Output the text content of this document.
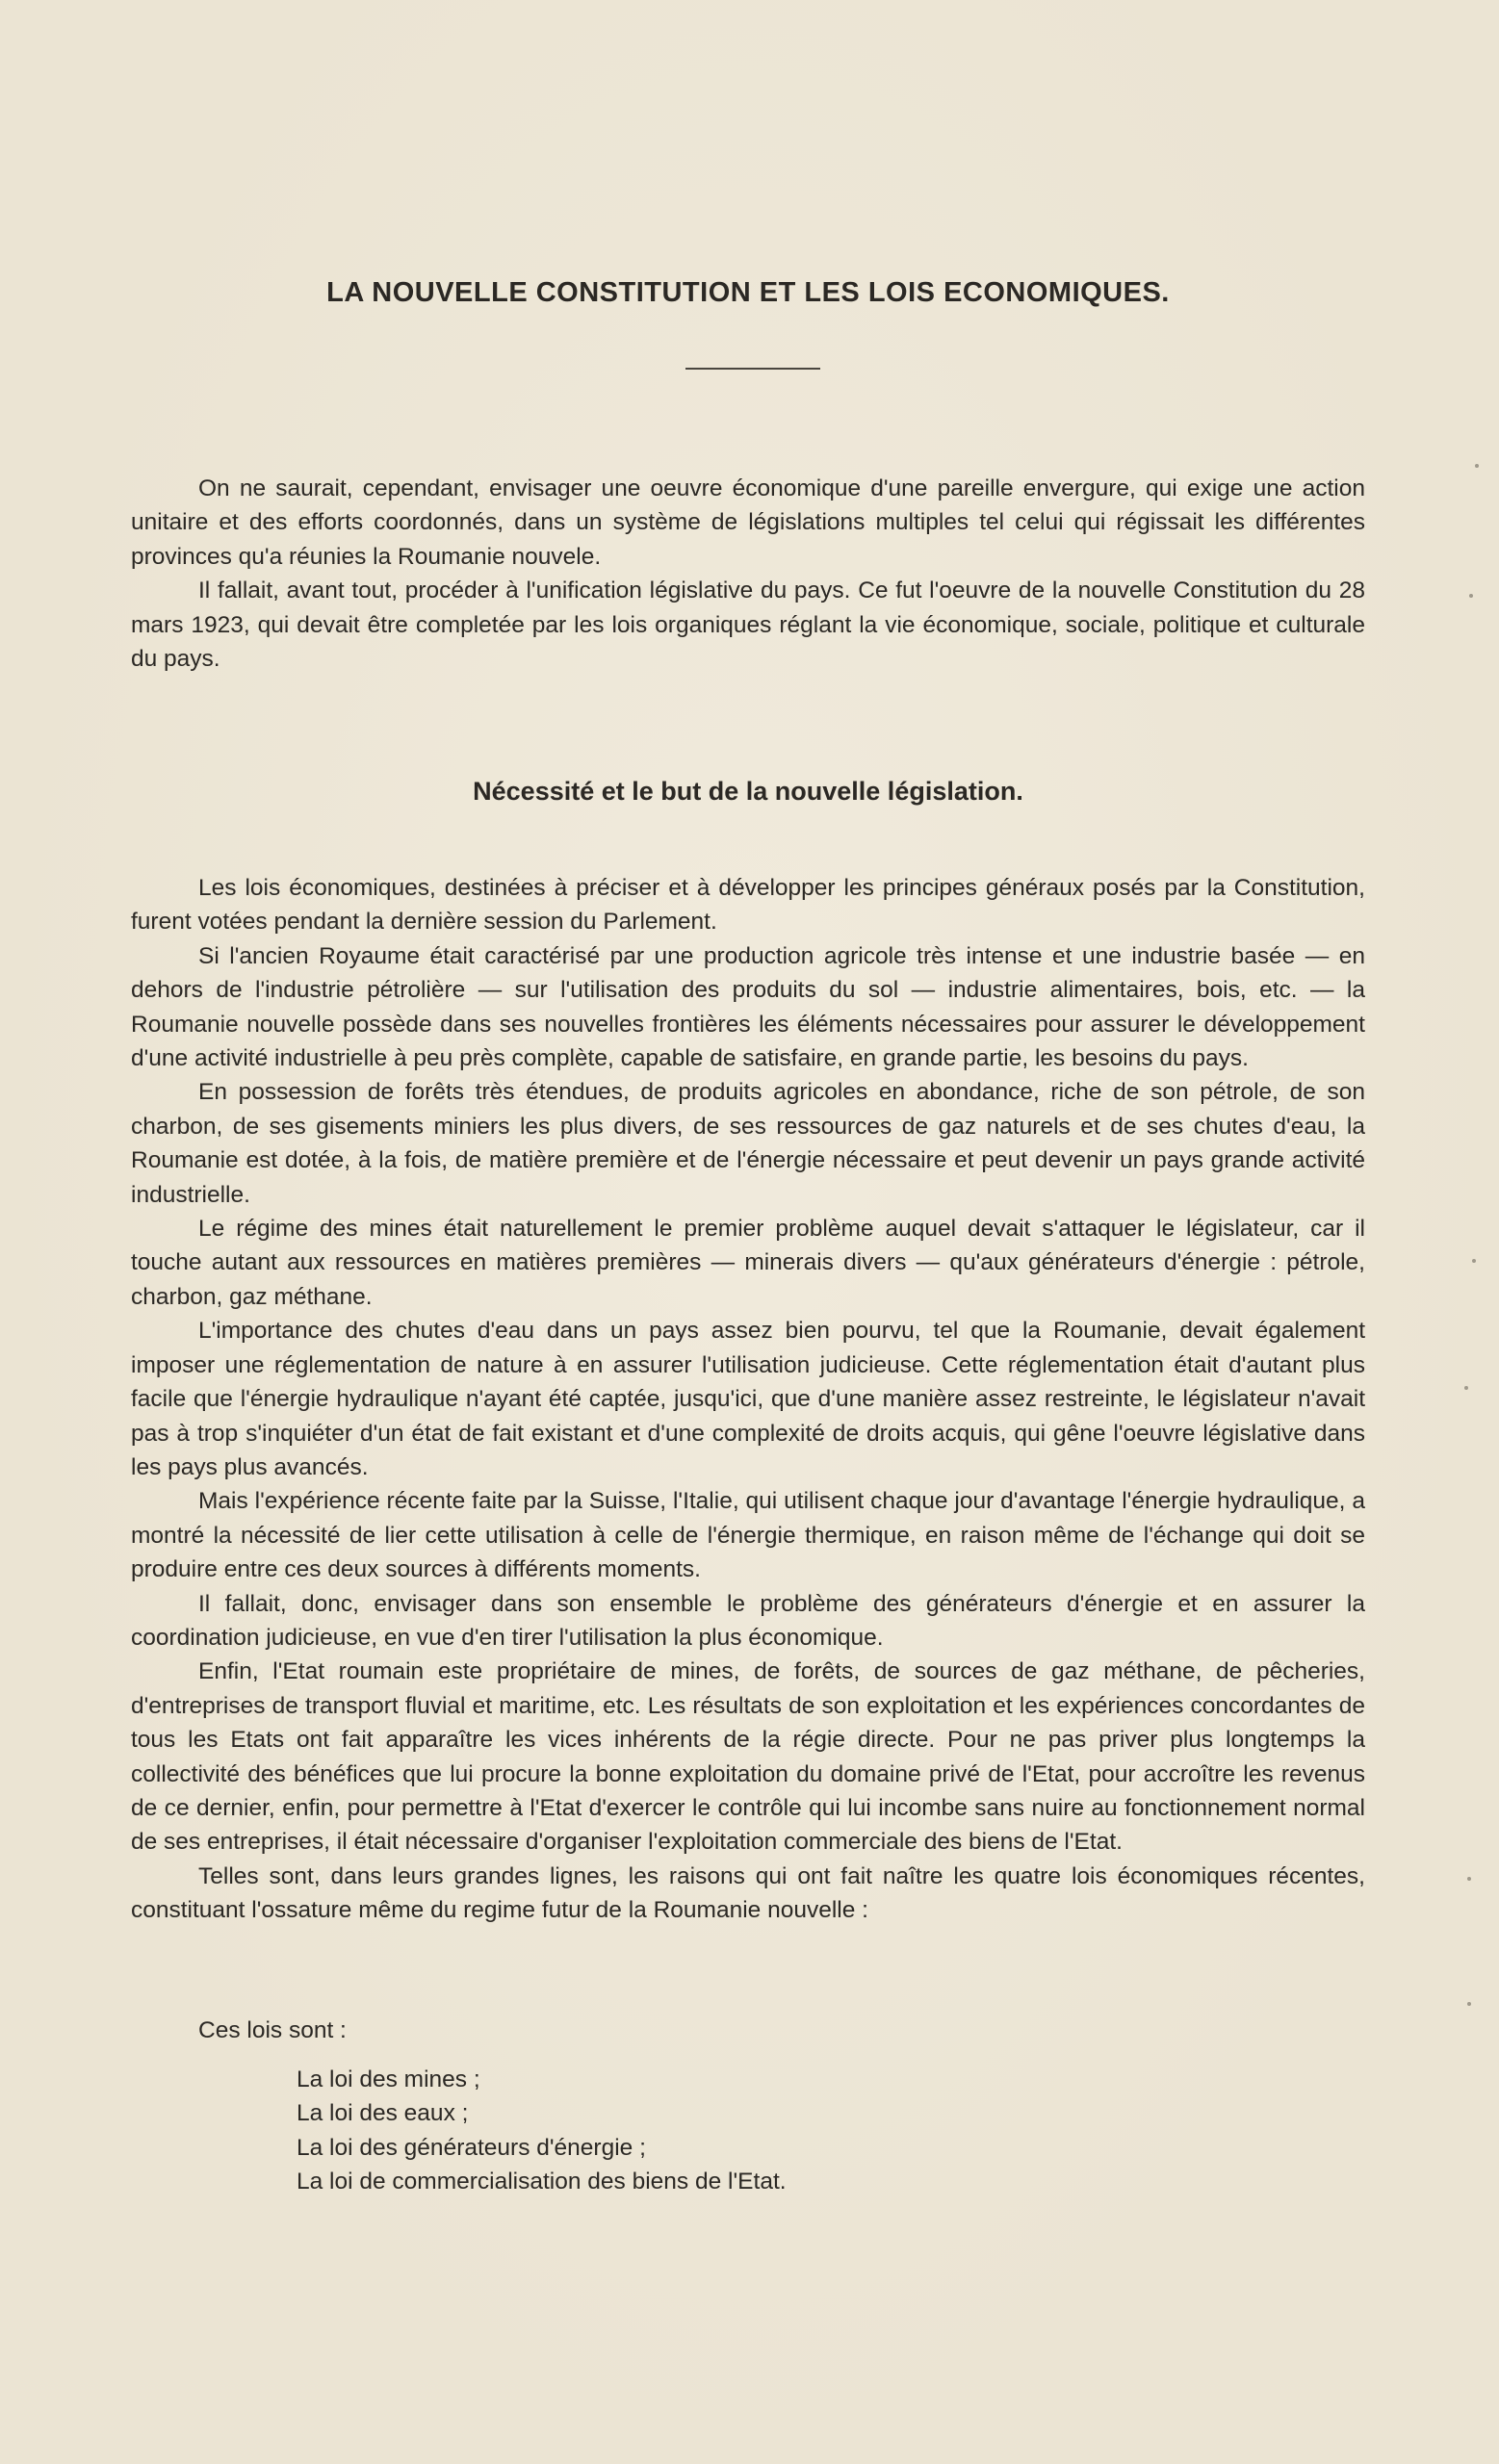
LA NOUVELLE CONSTITUTION ET LES LOIS ECONOMIQUES.

On ne saurait, cependant, envisager une oeuvre économique d'une pareille envergure, qui exige une action unitaire et des efforts coordonnés, dans un système de législations multiples tel celui qui régissait les différentes provinces qu'a réunies la Roumanie nouvele.

Il fallait, avant tout, procéder à l'unification législative du pays. Ce fut l'oeuvre de la nouvelle Constitution du 28 mars 1923, qui devait être completée par les lois organiques réglant la vie économique, sociale, politique et culturale du pays.

Nécessité et le but de la nouvelle législation.

Les lois économiques, destinées à préciser et à développer les principes généraux posés par la Constitution, furent votées pendant la dernière session du Parlement.

Si l'ancien Royaume était caractérisé par une production agricole très intense et une industrie basée — en dehors de l'industrie pétrolière — sur l'utilisation des produits du sol — industrie alimentaires, bois, etc. — la Roumanie nouvelle possède dans ses nouvelles frontières les éléments nécessaires pour assurer le développement d'une activité industrielle à peu près complète, capable de satisfaire, en grande partie, les besoins du pays.

En possession de forêts très étendues, de produits agricoles en abondance, riche de son pétrole, de son charbon, de ses gisements miniers les plus divers, de ses ressources de gaz naturels et de ses chutes d'eau, la Roumanie est dotée, à la fois, de matière première et de l'énergie nécessaire et peut devenir un pays grande activité industrielle.

Le régime des mines était naturellement le premier problème auquel devait s'attaquer le législateur, car il touche autant aux ressources en matières premières — minerais divers — qu'aux générateurs d'énergie : pétrole, charbon, gaz méthane.

L'importance des chutes d'eau dans un pays assez bien pourvu, tel que la Roumanie, devait également imposer une réglementation de nature à en assurer l'utilisation judicieuse. Cette réglementation était d'autant plus facile que l'énergie hydraulique n'ayant été captée, jusqu'ici, que d'une manière assez restreinte, le législateur n'avait pas à trop s'inquiéter d'un état de fait existant et d'une complexité de droits acquis, qui gêne l'oeuvre législative dans les pays plus avancés.

Mais l'expérience récente faite par la Suisse, l'Italie, qui utilisent chaque jour d'avantage l'énergie hydraulique, a montré la nécessité de lier cette utilisation à celle de l'énergie thermique, en raison même de l'échange qui doit se produire entre ces deux sources à différents moments.

Il fallait, donc, envisager dans son ensemble le problème des générateurs d'énergie et en assurer la coordination judicieuse, en vue d'en tirer l'utilisation la plus économique.

Enfin, l'Etat roumain este propriétaire de mines, de forêts, de sources de gaz méthane, de pêcheries, d'entreprises de transport fluvial et maritime, etc. Les résultats de son exploitation et les expériences concordantes de tous les Etats ont fait apparaître les vices inhérents de la régie directe. Pour ne pas priver plus longtemps la collectivité des bénéfices que lui procure la bonne exploitation du domaine privé de l'Etat, pour accroître les revenus de ce dernier, enfin, pour permettre à l'Etat d'exercer le contrôle qui lui incombe sans nuire au fonctionnement normal de ses entreprises, il était nécessaire d'organiser l'exploitation commerciale des biens de l'Etat.

Telles sont, dans leurs grandes lignes, les raisons qui ont fait naître les quatre lois économiques récentes, constituant l'ossature même du regime futur de la Roumanie nouvelle :

Ces lois sont :

La loi des mines ;
La loi des eaux ;
La loi des générateurs d'énergie ;
La loi de commercialisation des biens de l'Etat.
